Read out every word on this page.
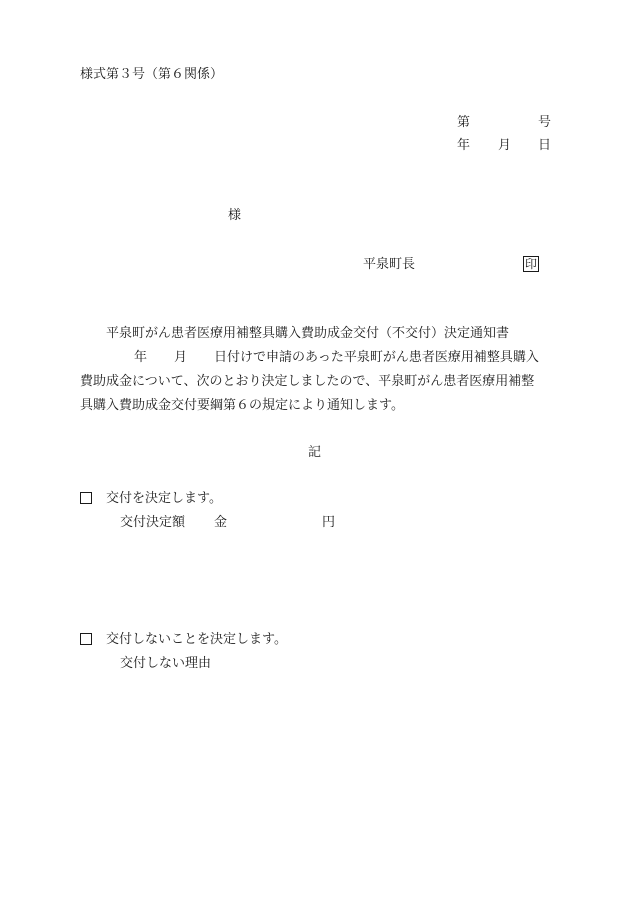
様式第３号（第６関係）
第	号
年 月 日
様
平泉町長	印
平泉町がん患者医療用補整具購入費助成金交付（不交付）決定通知書
年 月 日付けで申請のあった平泉町がん患者医療用補整具購入
費助成金について、次のとおり決定しましたので、平泉町がん患者医療用補整
具購入費助成金交付要綱第６の規定により通知します。
記
交付を決定します。
交付決定額 金	円
交付しないことを決定します。
交付しない理由
